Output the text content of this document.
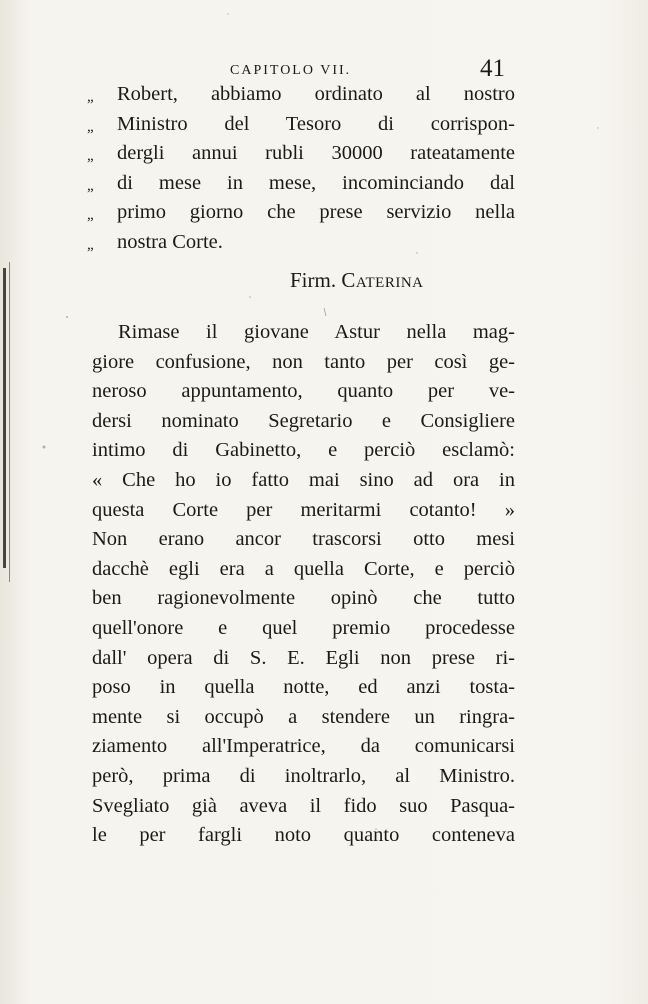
CAPITOLO VII.	41
„	Robert, abbiamo ordinato al nostro
„	Ministro del Tesoro di corrispon-
„	dergli annui rubli 30000 rateatamente
„	di mese in mese, incominciando dal
„	primo giorno che prese servizio nella
„	nostra Corte.
Firm. Caterina
Rimase il giovane Astur nella mag-
giore confusione, non tanto per così ge-
neroso appuntamento, quanto per ve-
dersi nominato Segretario e Consigliere
intimo di Gabinetto, e perciò esclamò:
« Che ho io fatto mai sino ad ora in
questa Corte per meritarmi cotanto! »
Non erano ancor trascorsi otto mesi
dacchè egli era a quella Corte, e perciò
ben ragionevolmente opinò che tutto
quell'onore e quel premio procedesse
dall' opera di S. E. Egli non prese ri-
poso in quella notte, ed anzi tosta-
mente si occupò a stendere un ringra-
ziamento all'Imperatrice, da comunicarsi
però, prima di inoltrarlo, al Ministro.
Svegliato già aveva il fido suo Pasqua-
le per fargli noto quanto conteneva
